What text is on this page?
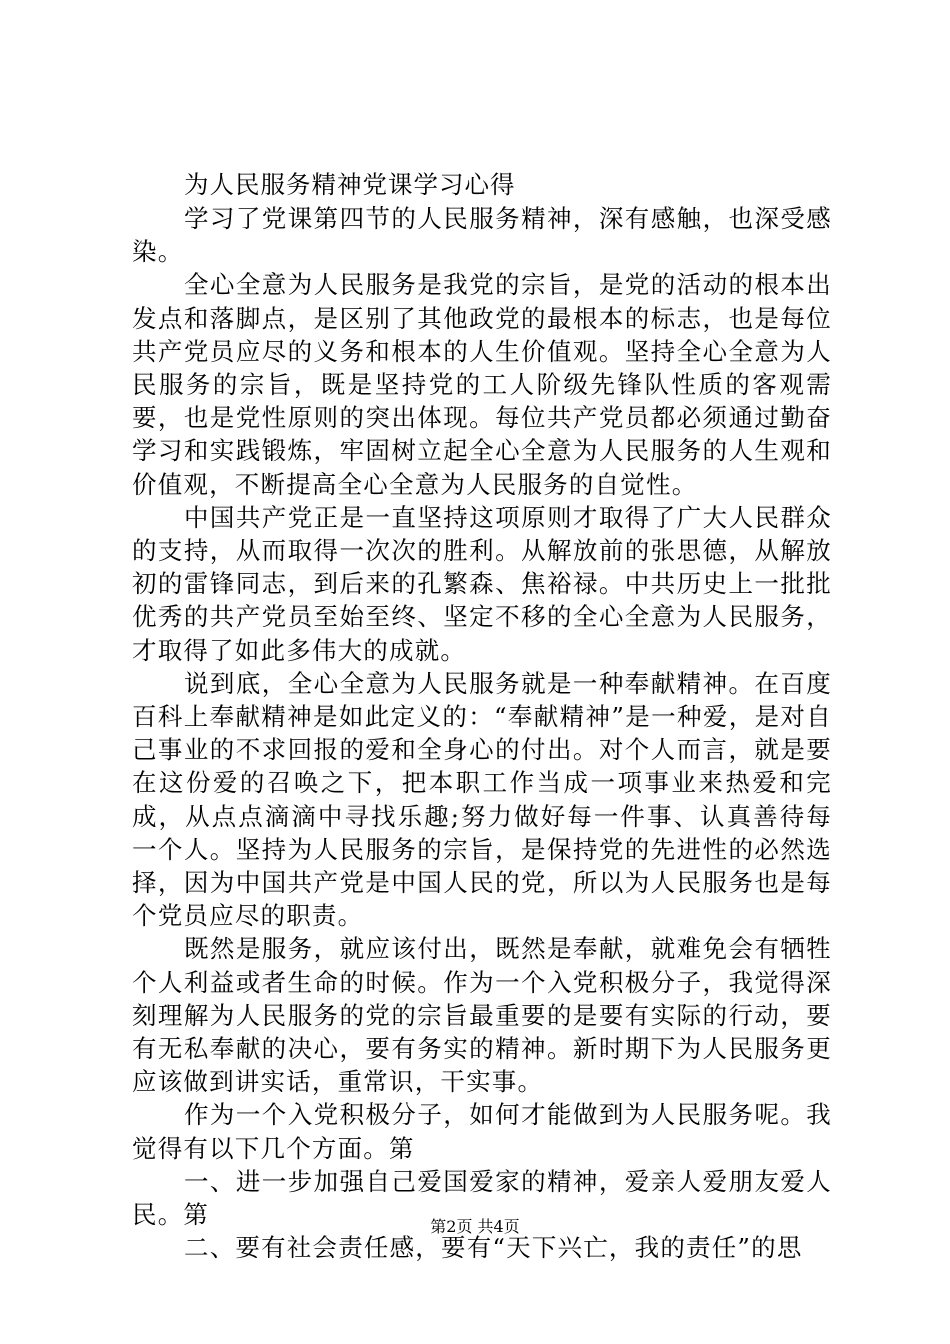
为人民服务精神党课学习心得

学习了党课第四节的人民服务精神，深有感触，也深受感染。

全心全意为人民服务是我党的宗旨，是党的活动的根本出发点和落脚点，是区别了其他政党的最根本的标志，也是每位共产党员应尽的义务和根本的人生价值观。坚持全心全意为人民服务的宗旨，既是坚持党的工人阶级先锋队性质的客观需要，也是党性原则的突出体现。每位共产党员都必须通过勤奋学习和实践锻炼，牢固树立起全心全意为人民服务的人生观和价值观，不断提高全心全意为人民服务的自觉性。

中国共产党正是一直坚持这项原则才取得了广大人民群众的支持，从而取得一次次的胜利。从解放前的张思德，从解放初的雷锋同志，到后来的孔繁森、焦裕禄。中共历史上一批批优秀的共产党员至始至终、坚定不移的全心全意为人民服务，才取得了如此多伟大的成就。

说到底，全心全意为人民服务就是一种奉献精神。在百度百科上奉献精神是如此定义的：“奉献精神”是一种爱，是对自己事业的不求回报的爱和全身心的付出。对个人而言，就是要在这份爱的召唤之下，把本职工作当成一项事业来热爱和完成，从点点滴滴中寻找乐趣;努力做好每一件事、认真善待每一个人。坚持为人民服务的宗旨，是保持党的先进性的必然选择，因为中国共产党是中国人民的党，所以为人民服务也是每个党员应尽的职责。

既然是服务，就应该付出，既然是奉献，就难免会有牺牲个人利益或者生命的时候。作为一个入党积极分子，我觉得深刻理解为人民服务的党的宗旨最重要的是要有实际的行动，要有无私奉献的决心，要有务实的精神。新时期下为人民服务更应该做到讲实话，重常识，干实事。

作为一个入党积极分子，如何才能做到为人民服务呢。我觉得有以下几个方面。第

一、进一步加强自己爱国爱家的精神，爱亲人爱朋友爱人民。第

二、要有社会责任感，要有“天下兴亡，我的责任”的思

第2页 共4页
